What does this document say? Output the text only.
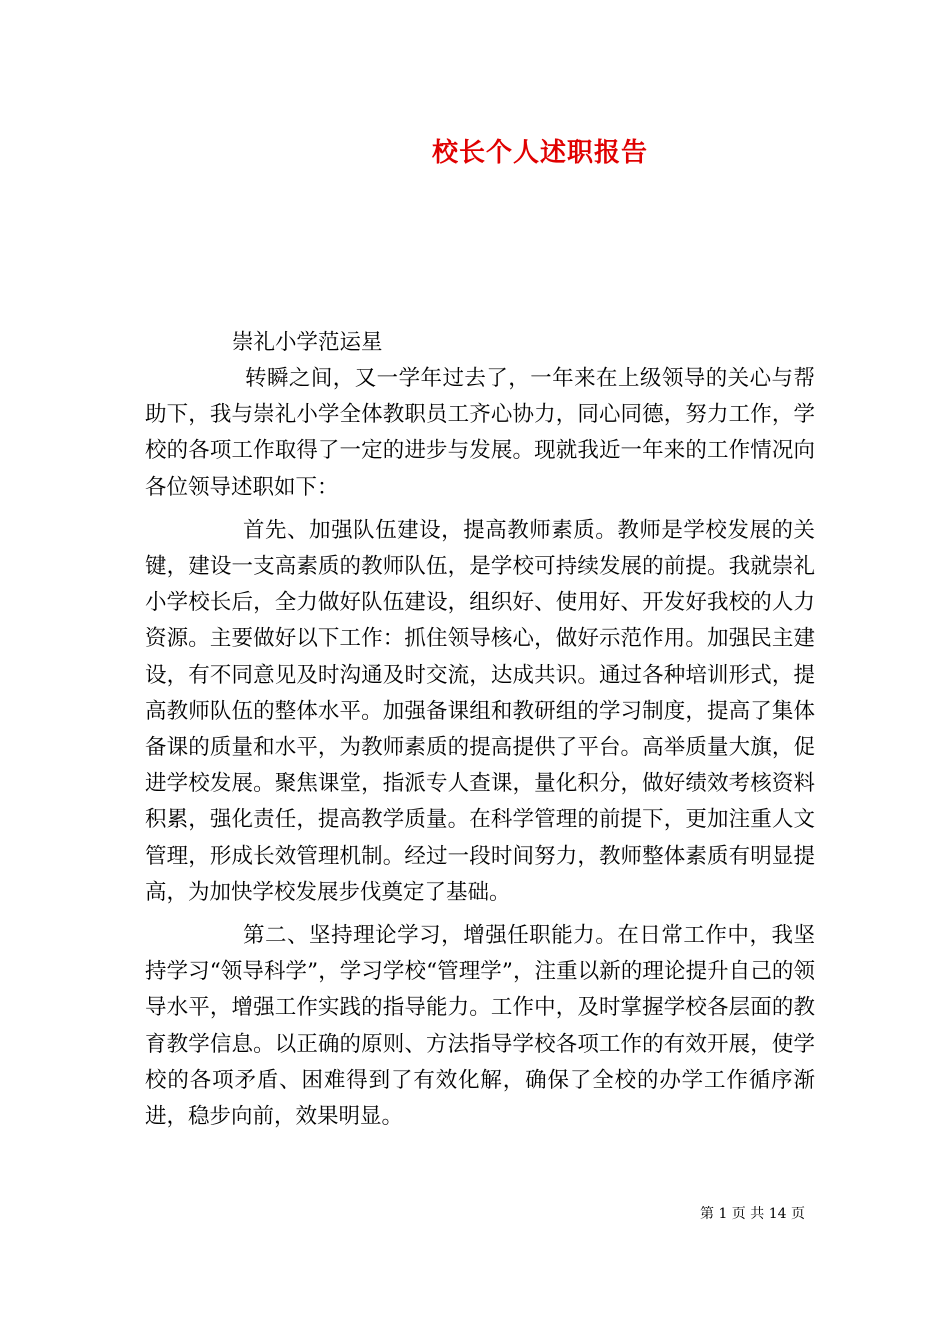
校长个人述职报告
崇礼小学范运星

转瞬之间，又一学年过去了，一年来在上级领导的关心与帮助下，我与崇礼小学全体教职员工齐心协力，同心同德，努力工作，学校的各项工作取得了一定的进步与发展。现就我近一年来的工作情况向各位领导述职如下：

首先、加强队伍建设，提高教师素质。教师是学校发展的关键，建设一支高素质的教师队伍，是学校可持续发展的前提。我就崇礼小学校长后，全力做好队伍建设，组织好、使用好、开发好我校的人力资源。主要做好以下工作：抓住领导核心，做好示范作用。加强民主建设，有不同意见及时沟通及时交流，达成共识。通过各种培训形式，提高教师队伍的整体水平。加强备课组和教研组的学习制度，提高了集体备课的质量和水平，为教师素质的提高提供了平台。高举质量大旗，促进学校发展。聚焦课堂，指派专人查课，量化积分，做好绩效考核资料积累，强化责任，提高教学质量。在科学管理的前提下，更加注重人文管理，形成长效管理机制。经过一段时间努力，教师整体素质有明显提高，为加快学校发展步伐奠定了基础。

第二、坚持理论学习，增强任职能力。在日常工作中，我坚持学习“领导科学”，学习学校“管理学”，注重以新的理论提升自己的领导水平，增强工作实践的指导能力。工作中，及时掌握学校各层面的教育教学信息。以正确的原则、方法指导学校各项工作的有效开展，使学校的各项矛盾、困难得到了有效化解，确保了全校的办学工作循序渐进，稳步向前，效果明显。

第 1 页 共 14 页
